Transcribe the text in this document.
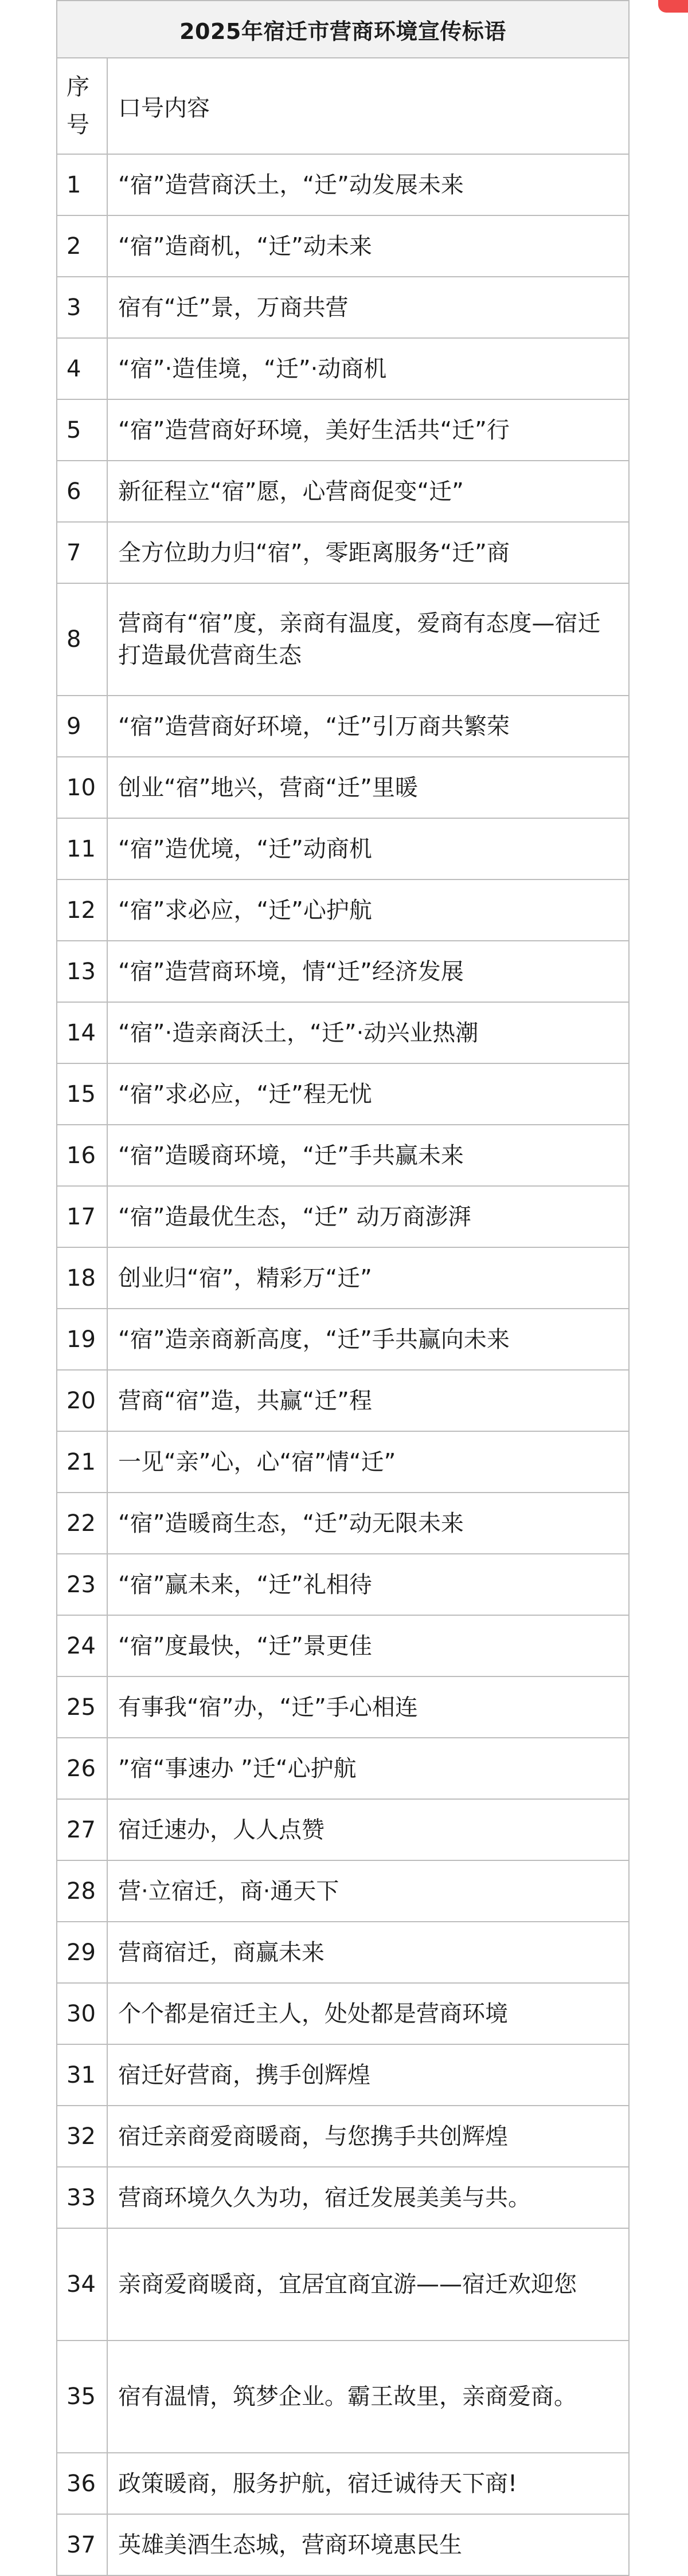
2025年宿迁市营商环境宣传标语	

序号	口号内容
1	“宿”造营商沃土，“迁”动发展未来
2	“宿”造商机，“迁”动未来
3	宿有“迁”景，万商共营
4	“宿”·造佳境，“迁”·动商机
5	“宿”造营商好环境，美好生活共“迁”行
6	新征程立“宿”愿，心营商促变“迁”
7	全方位助力归“宿”，零距离服务“迁”商
8	营商有“宿”度，亲商有温度，爱商有态度—宿迁打造最优营商生态
9	“宿”造营商好环境，“迁”引万商共繁荣
10	创业“宿”地兴，营商“迁”里暖
11	“宿”造优境，“迁”动商机
12	“宿”求必应，“迁”心护航
13	“宿”造营商环境，情“迁”经济发展
14	“宿”·造亲商沃土，“迁”·动兴业热潮
15	“宿”求必应，“迁”程无忧
16	“宿”造暖商环境，“迁”手共赢未来
17	“宿”造最优生态，“迁” 动万商澎湃
18	创业归“宿”，精彩万“迁”
19	“宿”造亲商新高度，“迁”手共赢向未来
20	营商“宿”造，共赢“迁”程
21	一见“亲”心，心“宿”情“迁”
22	“宿”造暖商生态，“迁”动无限未来
23	“宿”赢未来，“迁”礼相待
24	“宿”度最快，“迁”景更佳
25	有事我“宿”办，“迁”手心相连
26	”宿“事速办 ”迁“心护航
27	宿迁速办，人人点赞
28	营·立宿迁，商·通天下
29	营商宿迁，商赢未来
30	个个都是宿迁主人，处处都是营商环境
31	宿迁好营商，携手创辉煌
32	宿迁亲商爱商暖商，与您携手共创辉煌
33	营商环境久久为功，宿迁发展美美与共。
34	亲商爱商暖商，宜居宜商宜游——宿迁欢迎您
35	宿有温情，筑梦企业。霸王故里，亲商爱商。
36	政策暖商，服务护航，宿迁诚待天下商!
37	英雄美酒生态城，营商环境惠民生
